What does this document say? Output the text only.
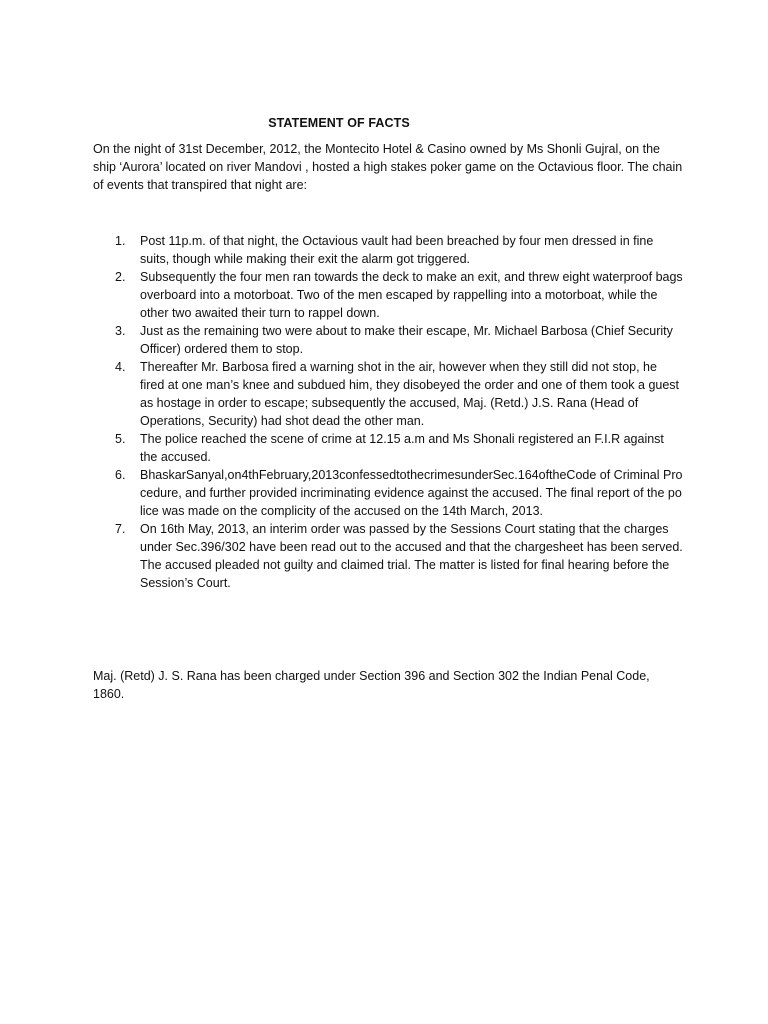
STATEMENT OF FACTS

On the night of 31st December, 2012, the Montecito Hotel & Casino owned by Ms Shonli Gujral, on the ship ‘Aurora’ located on river Mandovi , hosted a high stakes poker game on the Octavious floor. The chain of events that transpired that night are:

1. Post 11p.m. of that night, the Octavious vault had been breached by four men dressed in fine suits, though while making their exit the alarm got triggered.
2. Subsequently the four men ran towards the deck to make an exit, and threw eight waterproof bags overboard into a motorboat. Two of the men escaped by rappelling into a motorboat, while the other two awaited their turn to rappel down.
3. Just as the remaining two were about to make their escape, Mr. Michael Barbosa (Chief Security Officer) ordered them to stop.
4. Thereafter Mr. Barbosa fired a warning shot in the air, however when they still did not stop, he fired at one man’s knee and subdued him, they disobeyed the order and one of them took a guest as hostage in order to escape; subsequently the accused, Maj. (Retd.) J.S. Rana (Head of Operations, Security) had shot dead the other man.
5. The police reached the scene of crime at 12.15 a.m and Ms Shonali registered an F.I.R against the accused.
6. BhaskarSanyal,on4thFebruary,2013confessedtothecrimesunderSec.164oftheCode of Criminal Procedure, and further provided incriminating evidence against the accused. The final report of the police was made on the complicity of the accused on the 14th March, 2013.
7. On 16th May, 2013, an interim order was passed by the Sessions Court stating that the charges under Sec.396/302 have been read out to the accused and that the chargesheet has been served. The accused pleaded not guilty and claimed trial. The matter is listed for final hearing before the Session’s Court.

Maj. (Retd) J. S. Rana has been charged under Section 396 and Section 302 the Indian Penal Code, 1860.
